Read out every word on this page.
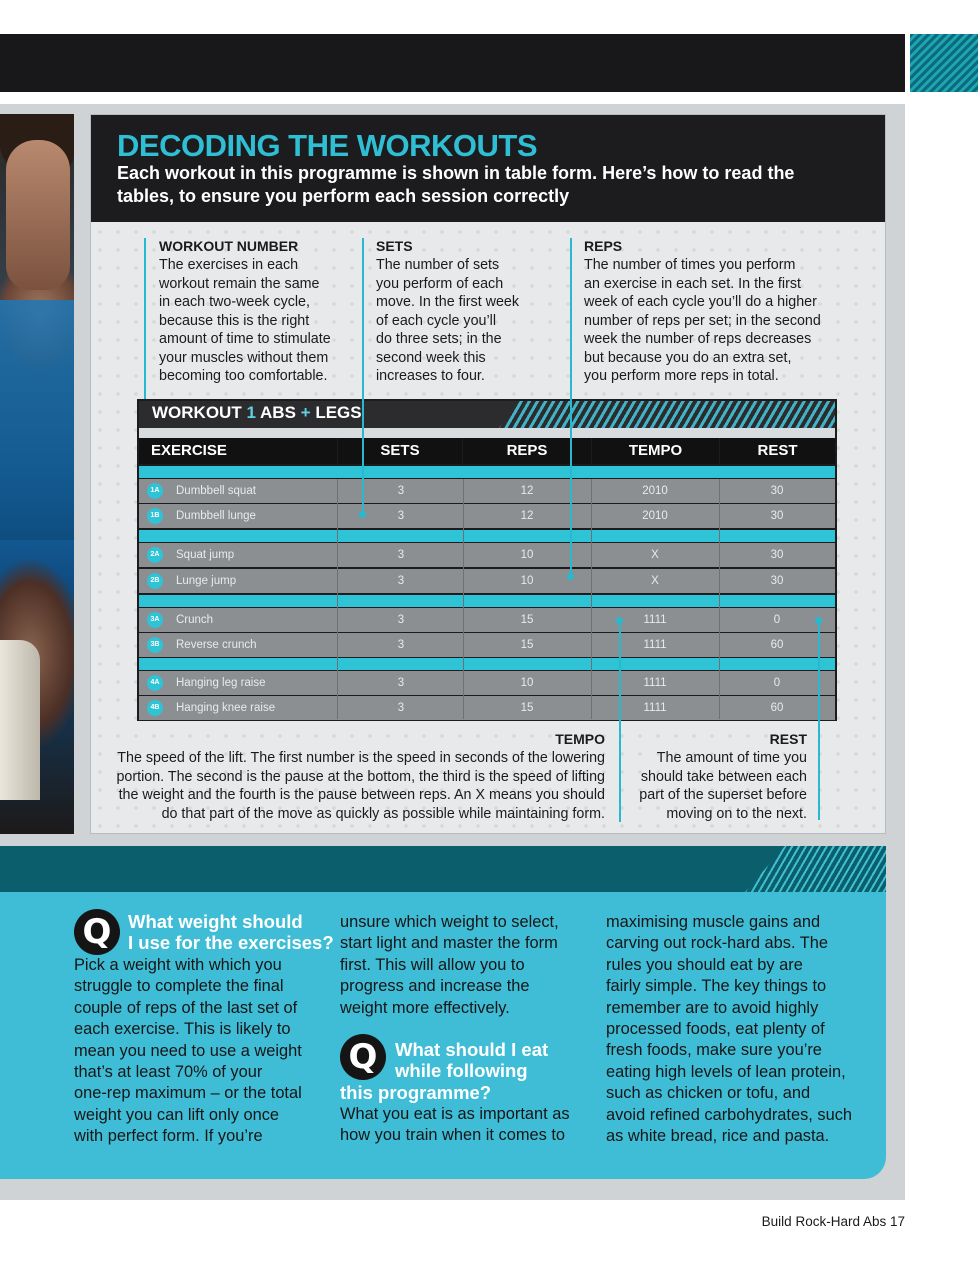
DECODING THE WORKOUTS
Each workout in this programme is shown in table form. Here’s how to read the tables, to ensure you perform each session correctly
WORKOUT NUMBER
The exercises in each
workout remain the same
in each two-week cycle,
because this is the right
amount of time to stimulate
your muscles without them
becoming too comfortable.
SETS
The number of sets
you perform of each
move. In the first week
of each cycle you’ll
do three sets; in the
second week this
increases to four.
REPS
The number of times you perform
an exercise in each set. In the first
week of each cycle you’ll do a higher
number of reps per set; in the second
week the number of reps decreases
but because you do an extra set,
you perform more reps in total.
WORKOUT 1 ABS + LEGS
EXERCISE	SETS	REPS	TEMPO	REST
1A	Dumbbell squat	3	12	2010	30
1B	Dumbbell lunge	3	12	2010	30
2A	Squat jump	3	10	X	30
2B	Lunge jump	3	10	X	30
3A	Crunch	3	15	1111	0
3B	Reverse crunch	3	15	1111	60
4A	Hanging leg raise	3	10	1111	0
4B	Hanging knee raise	3	15	1111	60
TEMPO
The speed of the lift. The first number is the speed in seconds of the lowering
portion. The second is the pause at the bottom, the third is the speed of lifting
the weight and the fourth is the pause between reps. An X means you should
do that part of the move as quickly as possible while maintaining form.
REST
The amount of time you
should take between each
part of the superset before
moving on to the next.
Q What weight should
I use for the exercises?
Pick a weight with which you
struggle to complete the final
couple of reps of the last set of
each exercise. This is likely to
mean you need to use a weight
that’s at least 70% of your
one-rep maximum – or the total
weight you can lift only once
with perfect form. If you’re
unsure which weight to select,
start light and master the form
first. This will allow you to
progress and increase the
weight more effectively.
Q What should I eat
while following
this programme?
What you eat is as important as
how you train when it comes to
maximising muscle gains and
carving out rock-hard abs. The
rules you should eat by are
fairly simple. The key things to
remember are to avoid highly
processed foods, eat plenty of
fresh foods, make sure you’re
eating high levels of lean protein,
such as chicken or tofu, and
avoid refined carbohydrates, such
as white bread, rice and pasta.
Build Rock-Hard Abs 17
